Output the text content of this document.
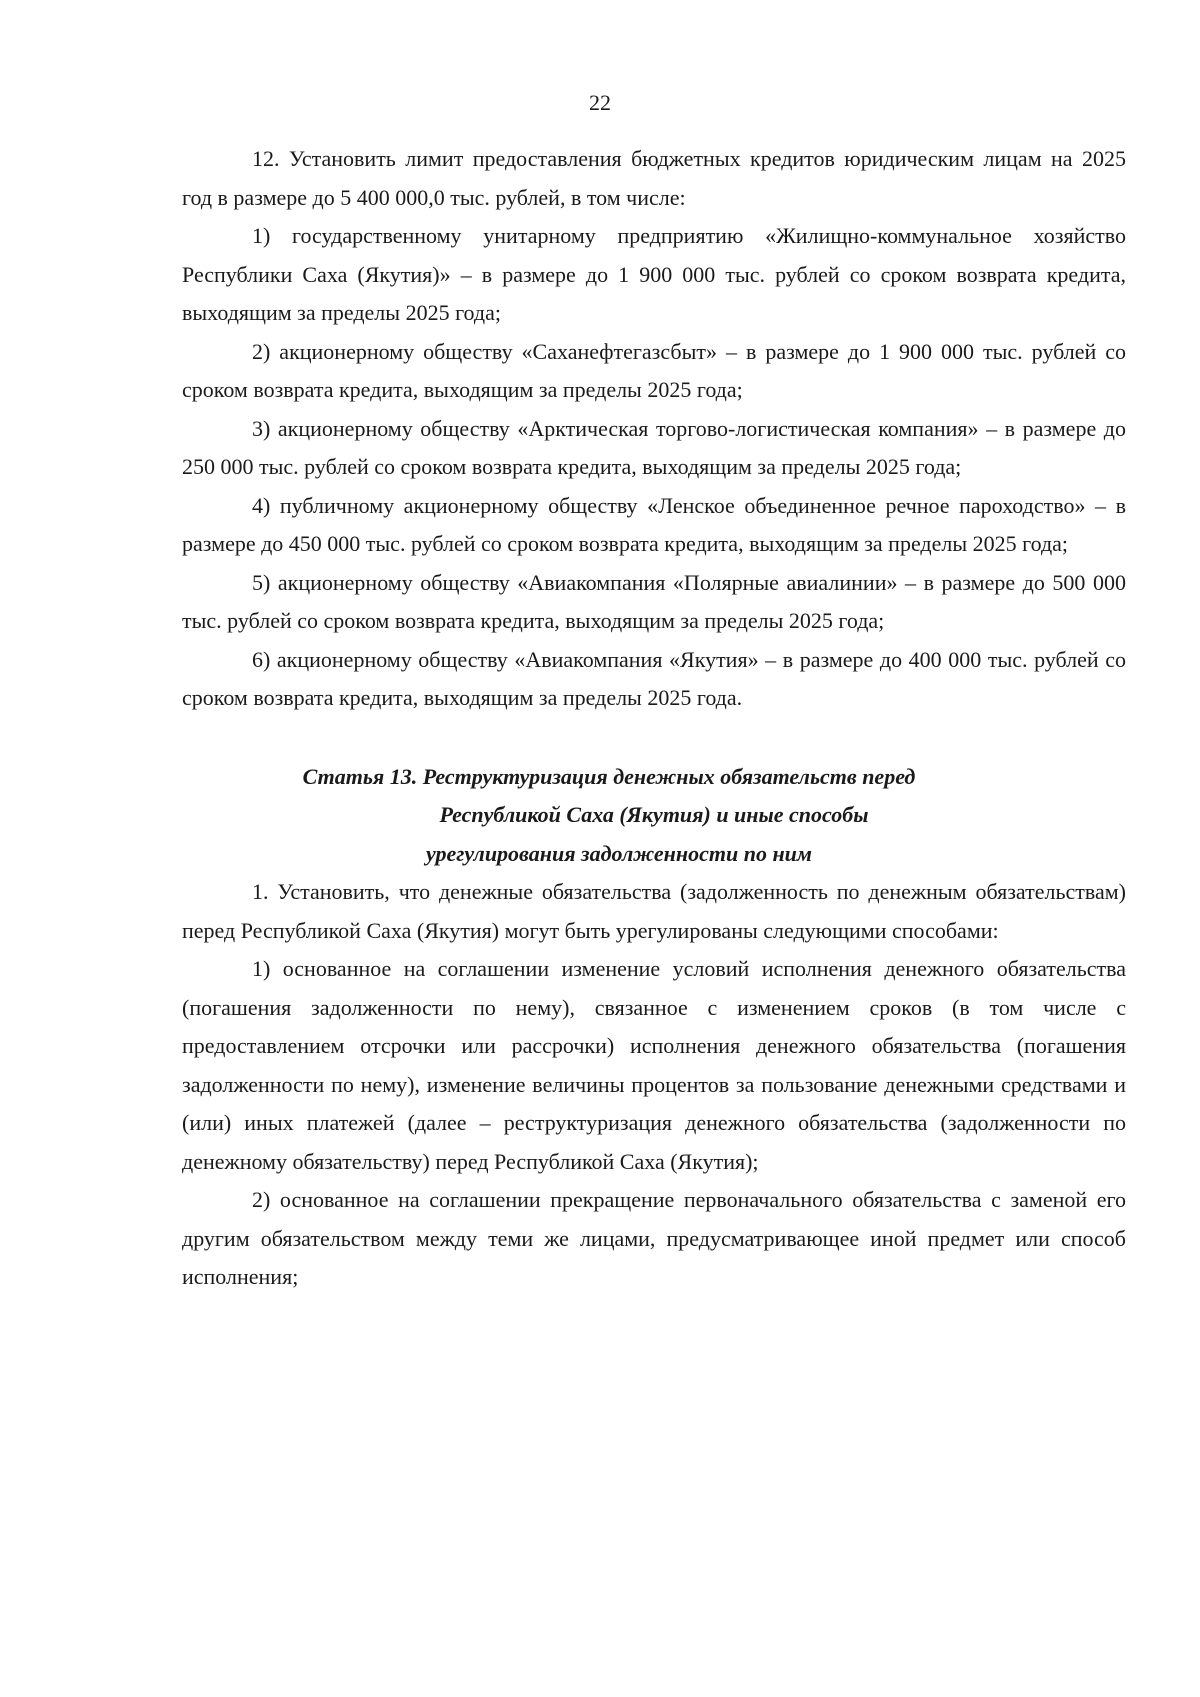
22

12. Установить лимит предоставления бюджетных кредитов юридическим лицам на 2025 год в размере до 5 400 000,0 тыс. рублей, в том числе:

1) государственному унитарному предприятию «Жилищно-коммунальное хозяйство Республики Саха (Якутия)» – в размере до 1 900 000 тыс. рублей со сроком возврата кредита, выходящим за пределы 2025 года;

2) акционерному обществу «Саханефтегазсбыт» – в размере до 1 900 000 тыс. рублей со сроком возврата кредита, выходящим за пределы 2025 года;

3) акционерному обществу «Арктическая торгово-логистическая компания» – в размере до 250 000 тыс. рублей со сроком возврата кредита, выходящим за пределы 2025 года;

4) публичному акционерному обществу «Ленское объединенное речное пароходство» – в размере до 450 000 тыс. рублей со сроком возврата кредита, выходящим за пределы 2025 года;

5) акционерному обществу «Авиакомпания «Полярные авиалинии» – в размере до 500 000 тыс. рублей со сроком возврата кредита, выходящим за пределы 2025 года;

6) акционерному обществу «Авиакомпания «Якутия» – в размере до 400 000 тыс. рублей со сроком возврата кредита, выходящим за пределы 2025 года.

Статья 13. Реструктуризация денежных обязательств перед
Республикой Саха (Якутия) и иные способы
урегулирования задолженности по ним

1. Установить, что денежные обязательства (задолженность по денежным обязательствам) перед Республикой Саха (Якутия) могут быть урегулированы следующими способами:

1) основанное на соглашении изменение условий исполнения денежного обязательства (погашения задолженности по нему), связанное с изменением сроков (в том числе с предоставлением отсрочки или рассрочки) исполнения денежного обязательства (погашения задолженности по нему), изменение величины процентов за пользование денежными средствами и (или) иных платежей (далее – реструктуризация денежного обязательства (задолженности по денежному обязательству) перед Республикой Саха (Якутия);

2) основанное на соглашении прекращение первоначального обязательства с заменой его другим обязательством между теми же лицами, предусматривающее иной предмет или способ исполнения;
